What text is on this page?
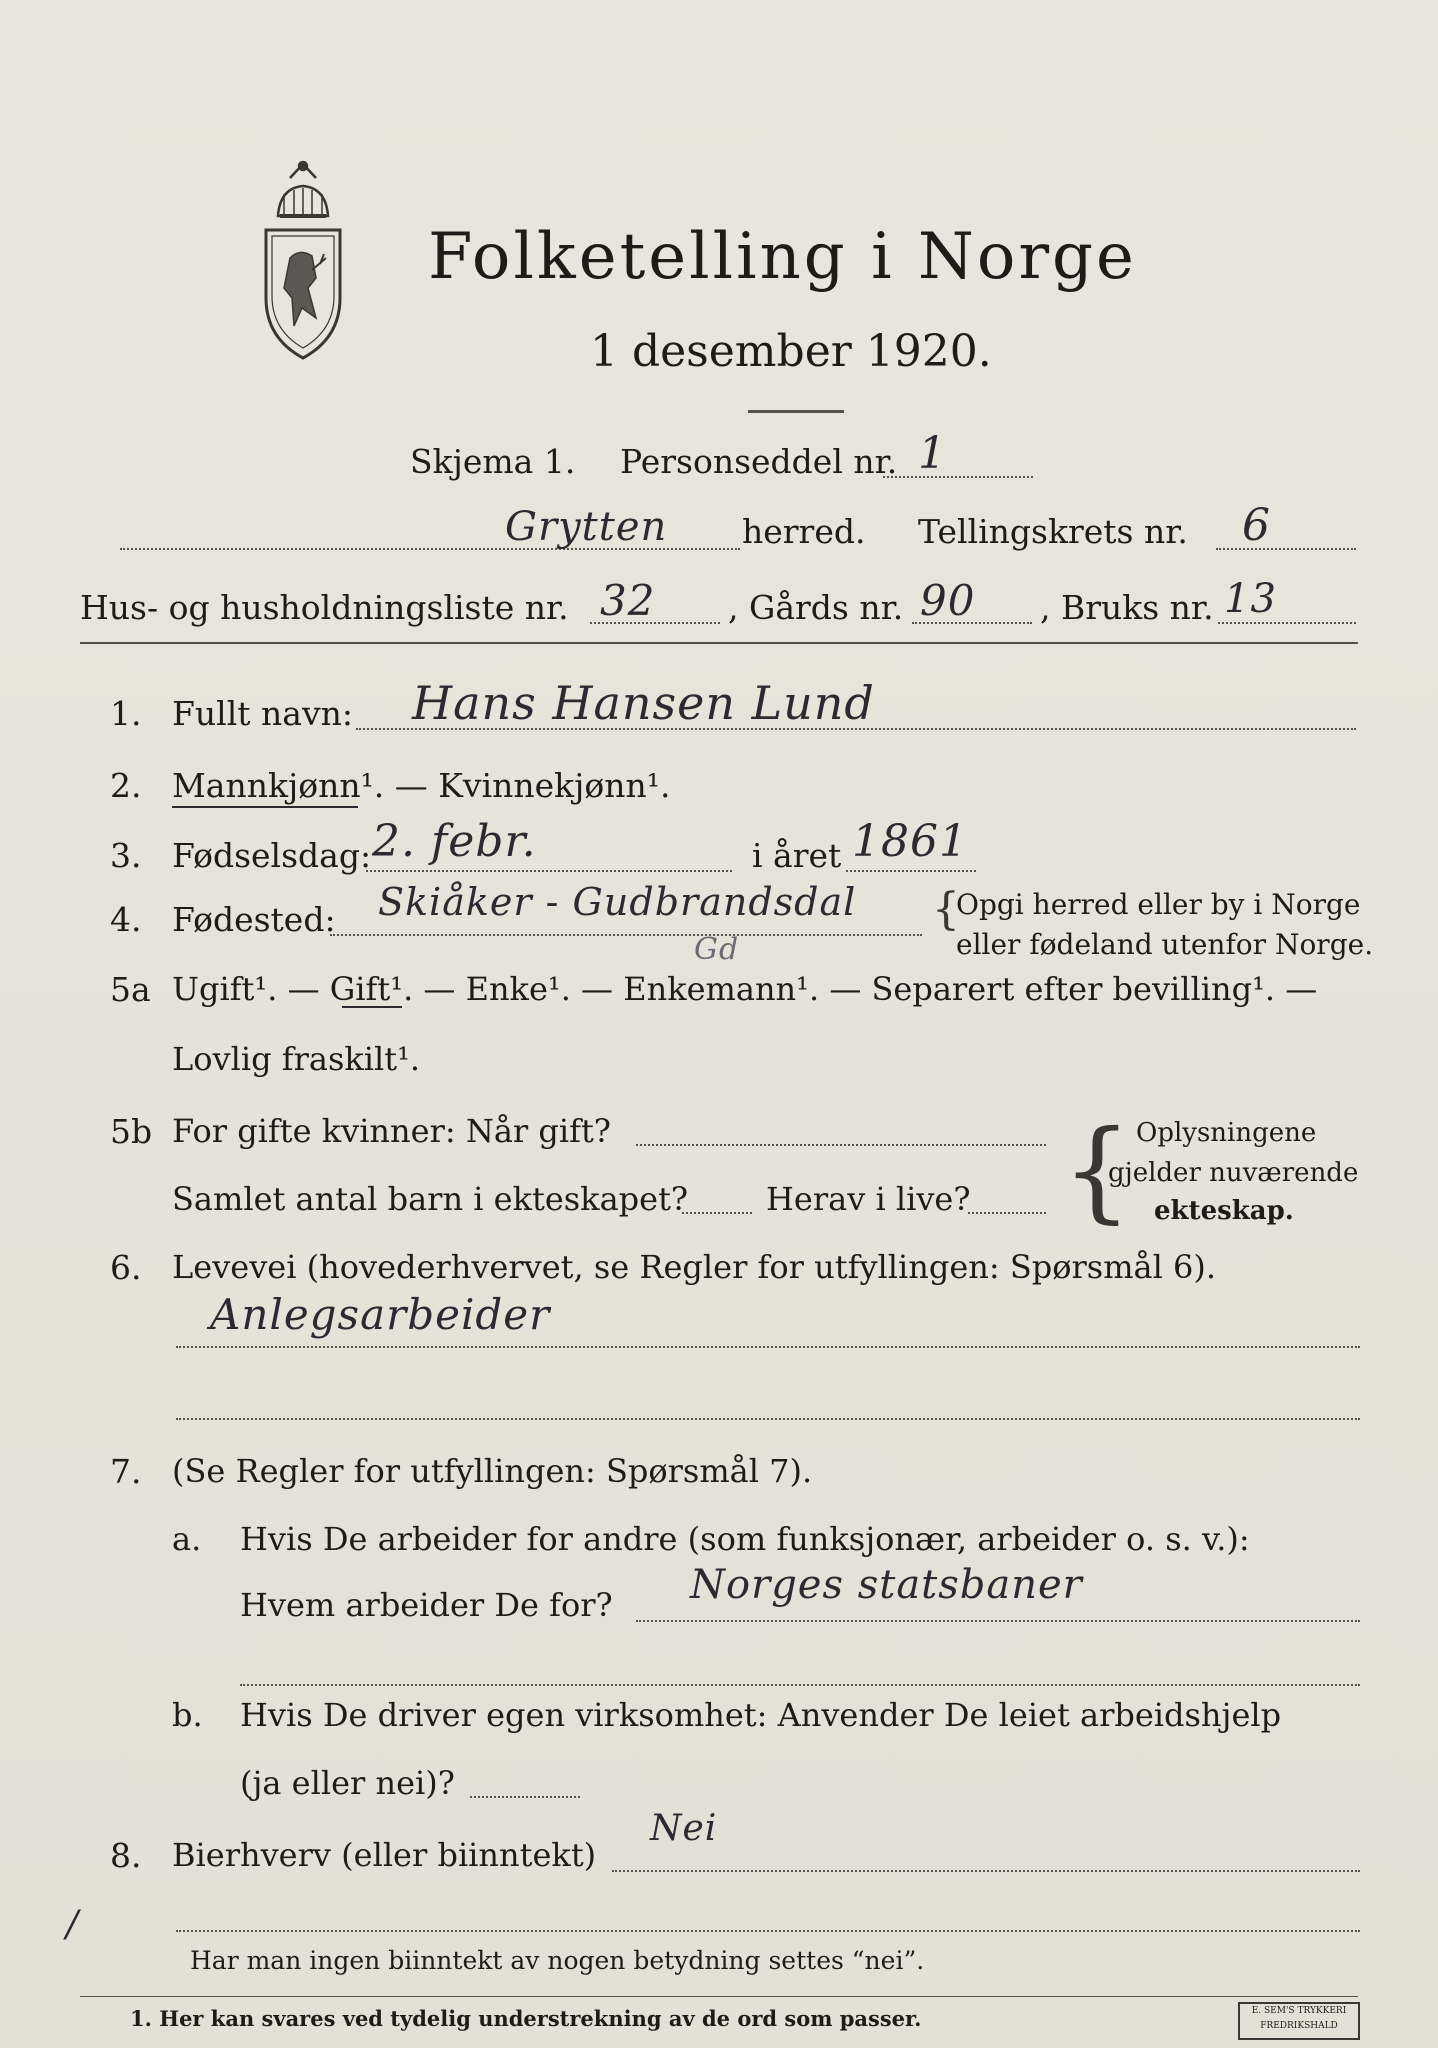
Folketelling i Norge
1 desember 1920.
Skjema 1. Personseddel nr. 1
Grytten herred. Tellingskrets nr. 6
Hus- og husholdningsliste nr. 32 , Gårds nr. 90 , Bruks nr. 13
1. Fullt navn: Hans Hansen Lund
2. Mannkjønn¹. — Kvinnekjønn¹.
3. Fødselsdag: 2. febr.	i året 1861
4. Fødested: Skiåker - Gudbrandsdal {
Opgi herred eller by i Norge
eller fødeland utenfor Norge.
5a Ugift¹. — Gift¹. — Enke¹. — Enkemann¹. — Separert efter bevilling¹. —
Gd
Lovlig fraskilt¹.
5b For gifte kvinner: Når gift?
Samlet antal barn i ekteskapet? Herav i live? { Oplysningene
gjelder nuværende
ekteskap.
6. Levevei (hovederhvervet, se Regler for utfyllingen: Spørsmål 6).
Anlegsarbeider
7. (Se Regler for utfyllingen: Spørsmål 7).
a. Hvis De arbeider for andre (som funksjonær, arbeider o. s. v.):
Hvem arbeider De for? Norges statsbaner
b. Hvis De driver egen virksomhet: Anvender De leiet arbeidshjelp
(ja eller nei)?
8. Bierhverv (eller biinntekt)
Nei
/
Har man ingen biinntekt av nogen betydning settes “nei”.
1. Her kan svares ved tydelig understrekning av de ord som passer.	E. SEM'S TRYKKERI FREDRIKSHALD
